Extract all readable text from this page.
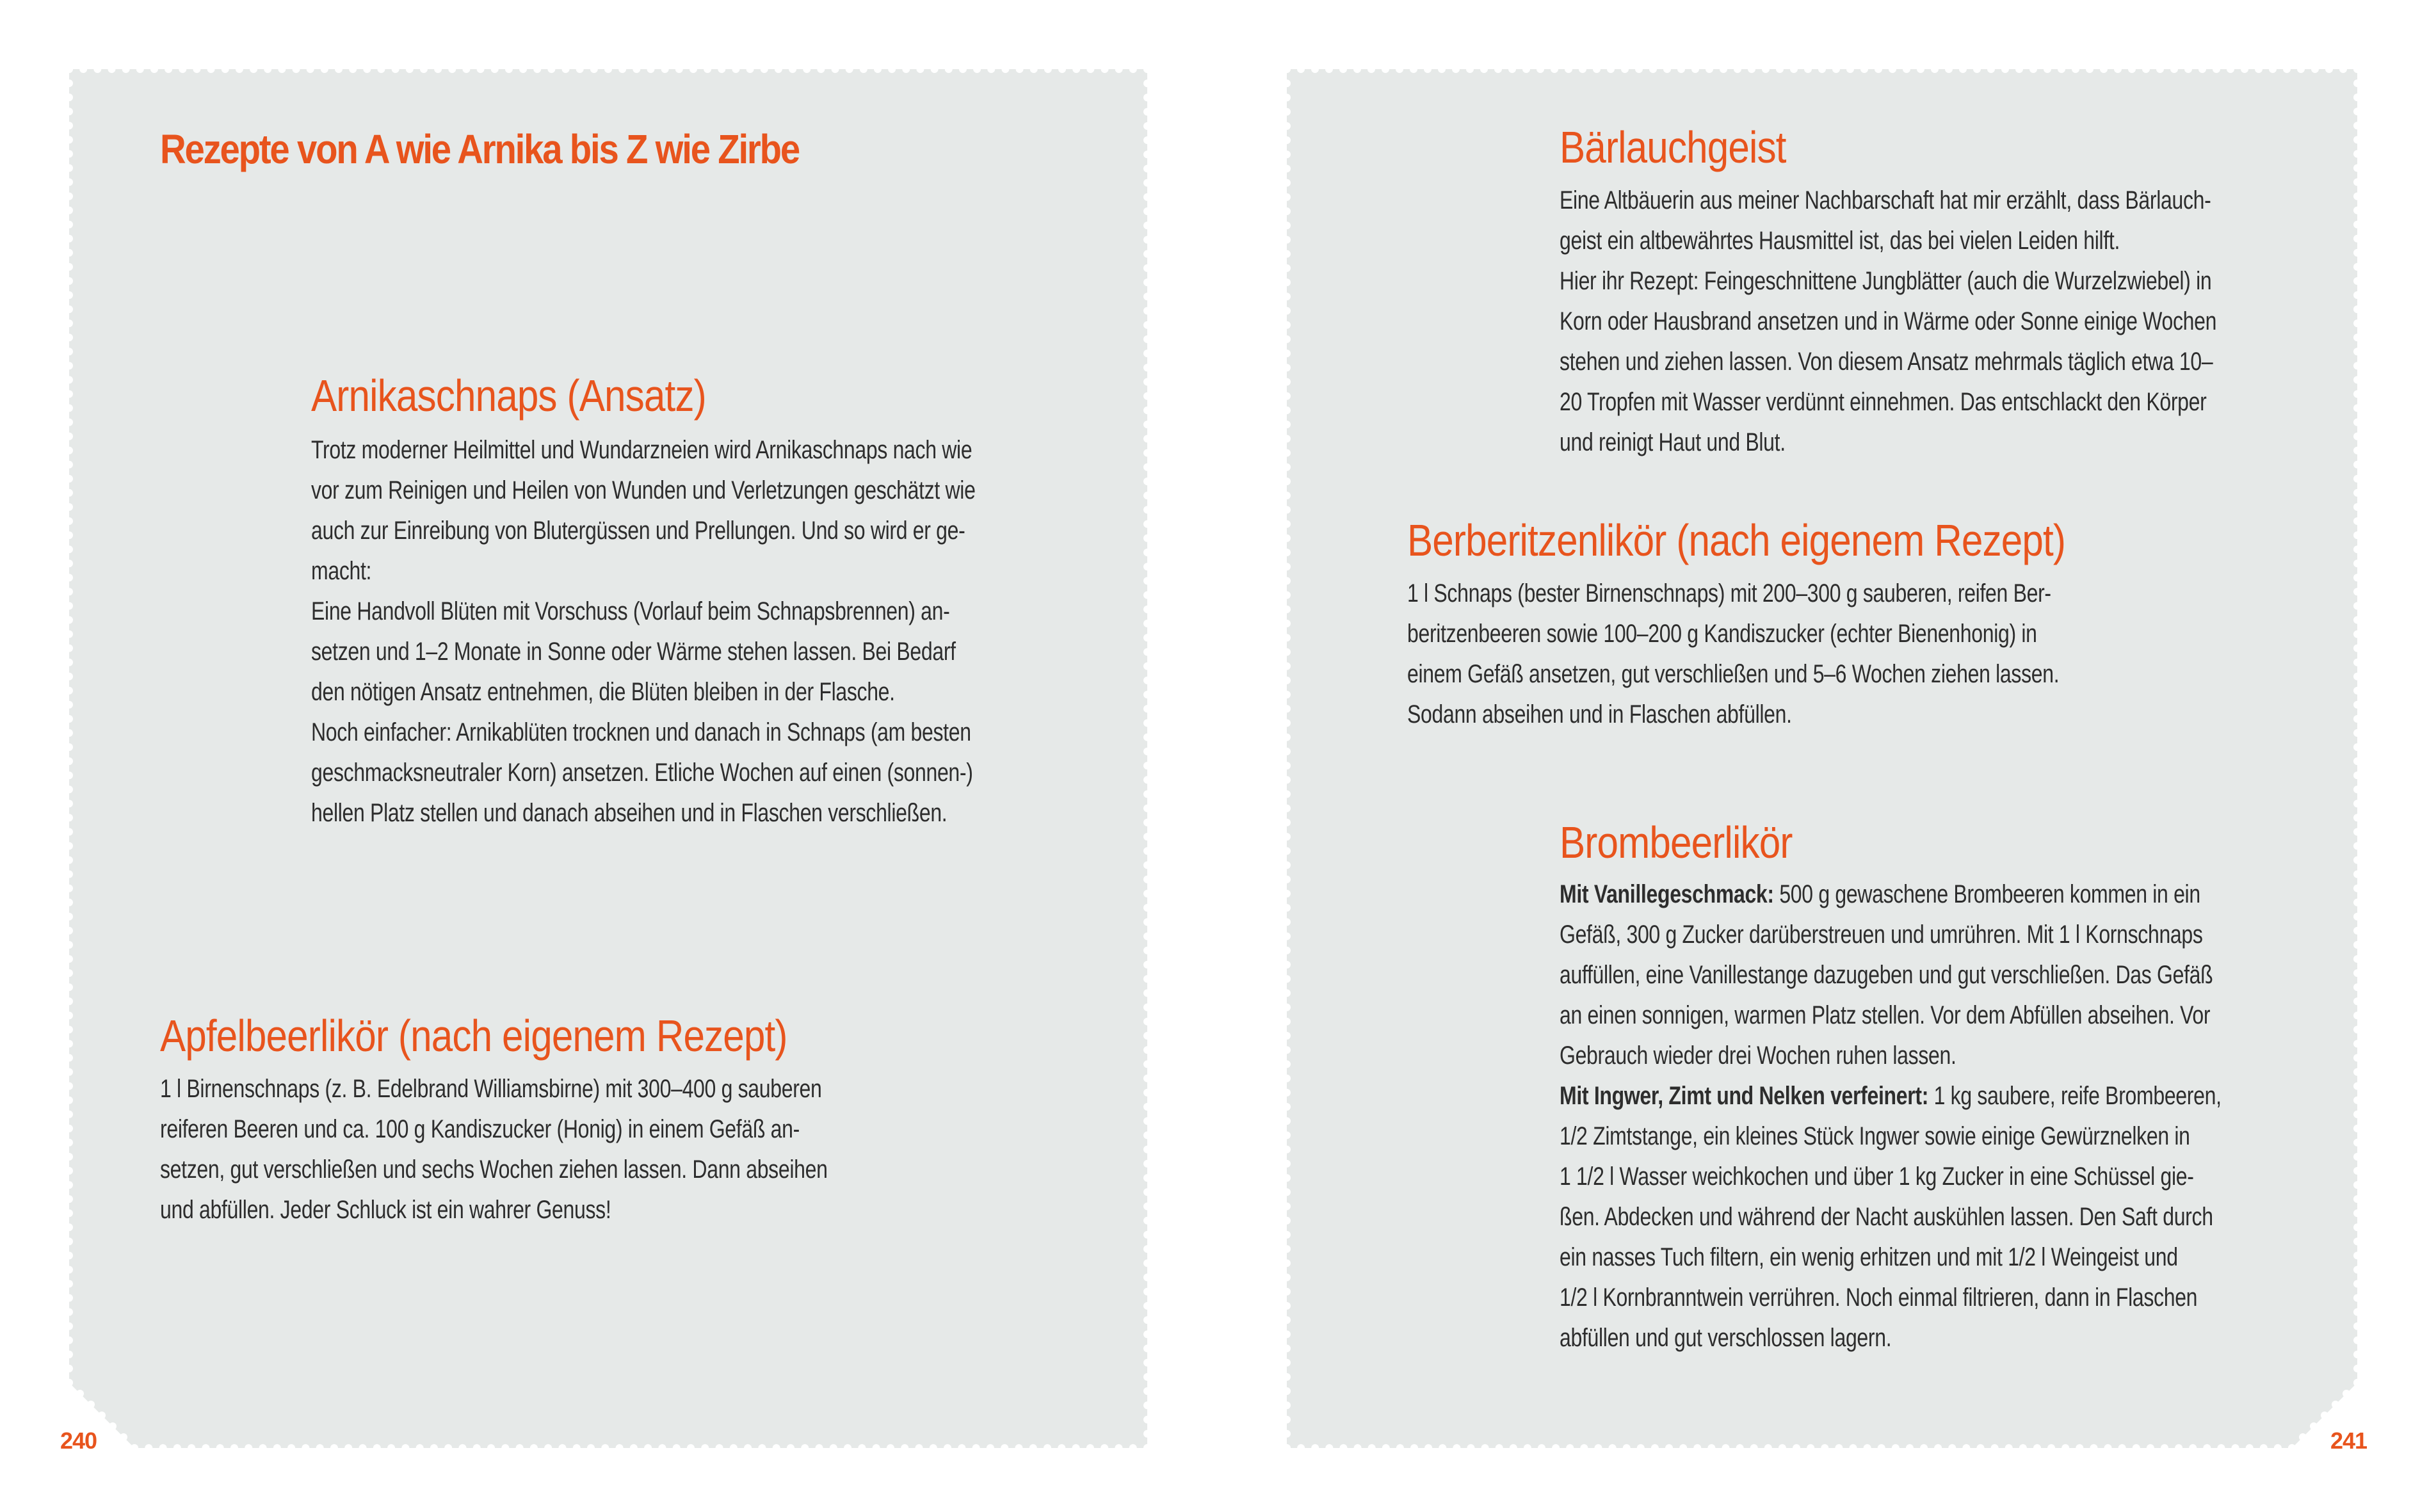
Rezepte von A wie Arnika bis Z wie Zirbe
Arnikaschnaps (Ansatz)
Trotz moderner Heilmittel und Wundarzneien wird Arnikaschnaps nach wie
vor zum Reinigen und Heilen von Wunden und Verletzungen geschätzt wie
auch zur Einreibung von Blutergüssen und Prellungen. Und so wird er ge-
macht:
Eine Handvoll Blüten mit Vorschuss (Vorlauf beim Schnapsbrennen) an-
setzen und 1–2 Monate in Sonne oder Wärme stehen lassen. Bei Bedarf
den nötigen Ansatz entnehmen, die Blüten bleiben in der Flasche.
Noch einfacher: Arnikablüten trocknen und danach in Schnaps (am besten
geschmacksneutraler Korn) ansetzen. Etliche Wochen auf einen (sonnen-)
hellen Platz stellen und danach abseihen und in Flaschen verschließen.
Apfelbeerlikör (nach eigenem Rezept)
1 l Birnenschnaps (z. B. Edelbrand Williamsbirne) mit 300–400 g sauberen
reiferen Beeren und ca. 100 g Kandiszucker (Honig) in einem Gefäß an-
setzen, gut verschließen und sechs Wochen ziehen lassen. Dann abseihen
und abfüllen. Jeder Schluck ist ein wahrer Genuss!
240
Bärlauchgeist
Eine Altbäuerin aus meiner Nachbarschaft hat mir erzählt, dass Bärlauch-
geist ein altbewährtes Hausmittel ist, das bei vielen Leiden hilft.
Hier ihr Rezept: Feingeschnittene Jungblätter (auch die Wurzelzwiebel) in
Korn oder Hausbrand ansetzen und in Wärme oder Sonne einige Wochen
stehen und ziehen lassen. Von diesem Ansatz mehrmals täglich etwa 10–
20 Tropfen mit Wasser verdünnt einnehmen. Das entschlackt den Körper
und reinigt Haut und Blut.
Berberitzenlikör (nach eigenem Rezept)
1 l Schnaps (bester Birnenschnaps) mit 200–300 g sauberen, reifen Ber-
beritzenbeeren sowie 100–200 g Kandiszucker (echter Bienenhonig) in
einem Gefäß ansetzen, gut verschließen und 5–6 Wochen ziehen lassen.
Sodann abseihen und in Flaschen abfüllen.
Brombeerlikör
Mit Vanillegeschmack: 500 g gewaschene Brombeeren kommen in ein
Gefäß, 300 g Zucker darüberstreuen und umrühren. Mit 1 l Kornschnaps
auffüllen, eine Vanillestange dazugeben und gut verschließen. Das Gefäß
an einen sonnigen, warmen Platz stellen. Vor dem Abfüllen abseihen. Vor
Gebrauch wieder drei Wochen ruhen lassen.
Mit Ingwer, Zimt und Nelken verfeinert: 1 kg saubere, reife Brombeeren,
1/2 Zimtstange, ein kleines Stück Ingwer sowie einige Gewürznelken in
1 1/2 l Wasser weichkochen und über 1 kg Zucker in eine Schüssel gie-
ßen. Abdecken und während der Nacht auskühlen lassen. Den Saft durch
ein nasses Tuch filtern, ein wenig erhitzen und mit 1/2 l Weingeist und
1/2 l Kornbranntwein verrühren. Noch einmal filtrieren, dann in Flaschen
abfüllen und gut verschlossen lagern.
241
